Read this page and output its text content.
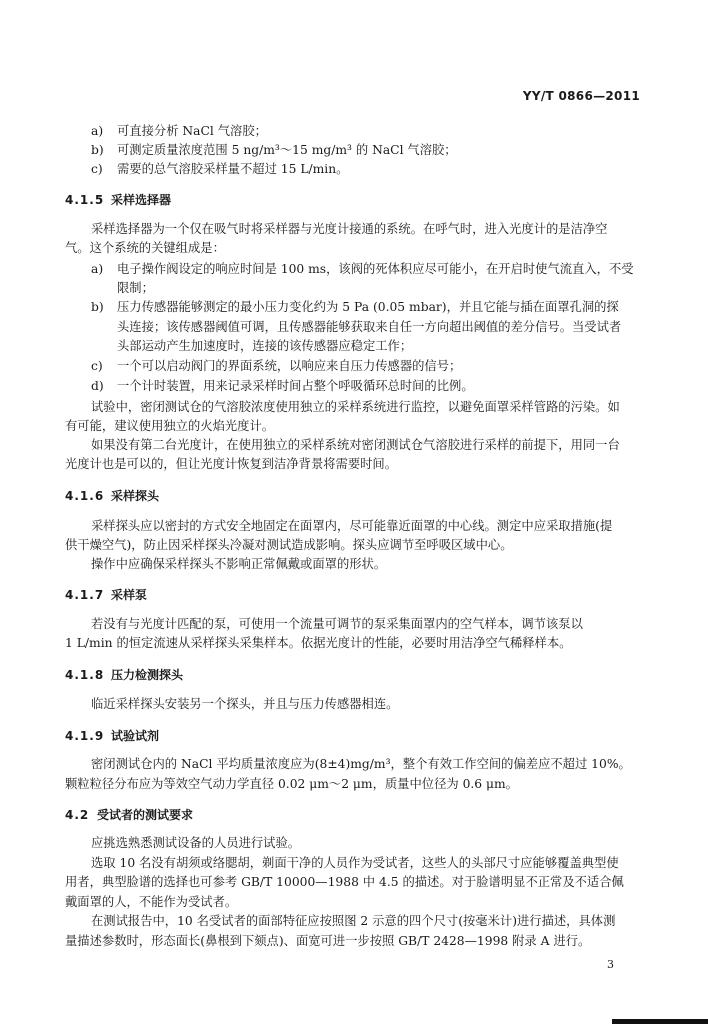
YY/T 0866—2011
a) 可直接分析 NaCl 气溶胶；
b) 可测定质量浓度范围 5 ng/m³～15 mg/m³ 的 NaCl 气溶胶；
c) 需要的总气溶胶采样量不超过 15 L/min。
4.1.5 采样选择器
采样选择器为一个仅在吸气时将采样器与光度计接通的系统。在呼气时，进入光度计的是洁净空
气。这个系统的关键组成是：
a) 电子操作阀设定的响应时间是 100 ms，该阀的死体积应尽可能小，在开启时使气流直入，不受
限制；
b) 压力传感器能够测定的最小压力变化约为 5 Pa (0.05 mbar)，并且它能与插在面罩孔洞的探
头连接；该传感器阈值可调，且传感器能够获取来自任一方向超出阈值的差分信号。当受试者
头部运动产生加速度时，连接的该传感器应稳定工作；
c) 一个可以启动阀门的界面系统，以响应来自压力传感器的信号；
d) 一个计时装置，用来记录采样时间占整个呼吸循环总时间的比例。
试验中，密闭测试仓的气溶胶浓度使用独立的采样系统进行监控，以避免面罩采样管路的污染。如
有可能，建议使用独立的火焰光度计。
如果没有第二台光度计，在使用独立的采样系统对密闭测试仓气溶胶进行采样的前提下，用同一台
光度计也是可以的，但让光度计恢复到洁净背景将需要时间。
4.1.6 采样探头
采样探头应以密封的方式安全地固定在面罩内，尽可能靠近面罩的中心线。测定中应采取措施(提
供干燥空气)，防止因采样探头冷凝对测试造成影响。探头应调节至呼吸区域中心。
操作中应确保采样探头不影响正常佩戴或面罩的形状。
4.1.7 采样泵
若没有与光度计匹配的泵，可使用一个流量可调节的泵采集面罩内的空气样本，调节该泵以
1 L/min 的恒定流速从采样探头采集样本。依据光度计的性能，必要时用洁净空气稀释样本。
4.1.8 压力检测探头
临近采样探头安装另一个探头，并且与压力传感器相连。
4.1.9 试验试剂
密闭测试仓内的 NaCl 平均质量浓度应为(8±4)mg/m³，整个有效工作空间的偏差应不超过 10%。
颗粒粒径分布应为等效空气动力学直径 0.02 μm～2 μm，质量中位径为 0.6 μm。
4.2 受试者的测试要求
应挑选熟悉测试设备的人员进行试验。
选取 10 名没有胡须或络腮胡，剃面干净的人员作为受试者，这些人的头部尺寸应能够覆盖典型使
用者，典型脸谱的选择也可参考 GB/T 10000—1988 中 4.5 的描述。对于脸谱明显不正常及不适合佩
戴面罩的人，不能作为受试者。
在测试报告中，10 名受试者的面部特征应按照图 2 示意的四个尺寸(按毫米计)进行描述，具体测
量描述参数时，形态面长(鼻根到下颏点)、面宽可进一步按照 GB/T 2428—1998 附录 A 进行。
3
